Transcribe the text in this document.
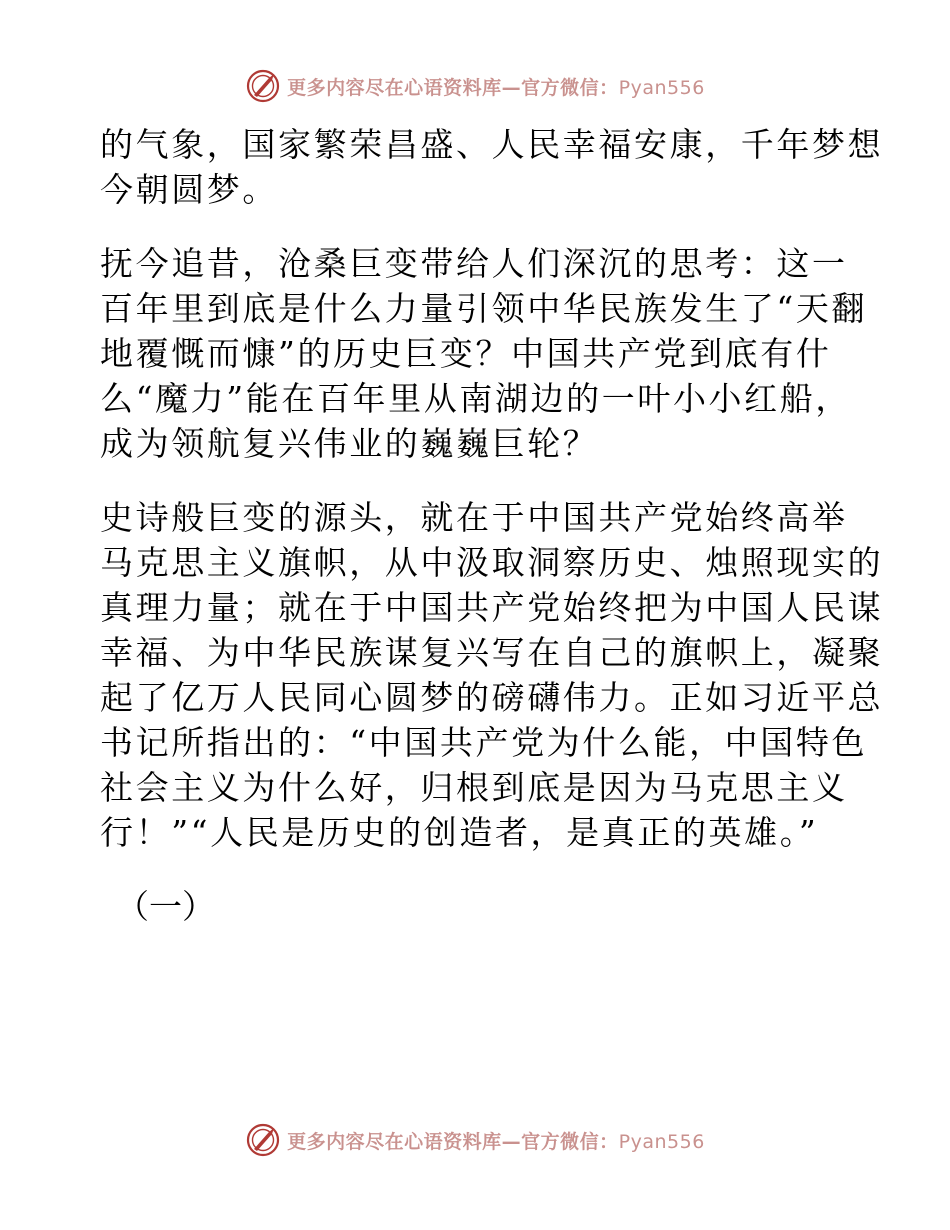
更多内容尽在心语资料库—官方微信：Pyan556

的气象，国家繁荣昌盛、人民幸福安康，千年梦想
今朝圆梦。

抚今追昔，沧桑巨变带给人们深沉的思考：这一
百年里到底是什么力量引领中华民族发生了“天翻
地覆慨而慷”的历史巨变？中国共产党到底有什
么“魔力”能在百年里从南湖边的一叶小小红船，
成为领航复兴伟业的巍巍巨轮？

史诗般巨变的源头，就在于中国共产党始终高举
马克思主义旗帜，从中汲取洞察历史、烛照现实的
真理力量；就在于中国共产党始终把为中国人民谋
幸福、为中华民族谋复兴写在自己的旗帜上，凝聚
起了亿万人民同心圆梦的磅礴伟力。正如习近平总
书记所指出的：“中国共产党为什么能，中国特色
社会主义为什么好，归根到底是因为马克思主义
行！”“人民是历史的创造者，是真正的英雄。”

（一）
更多内容尽在心语资料库—官方微信：Pyan556
